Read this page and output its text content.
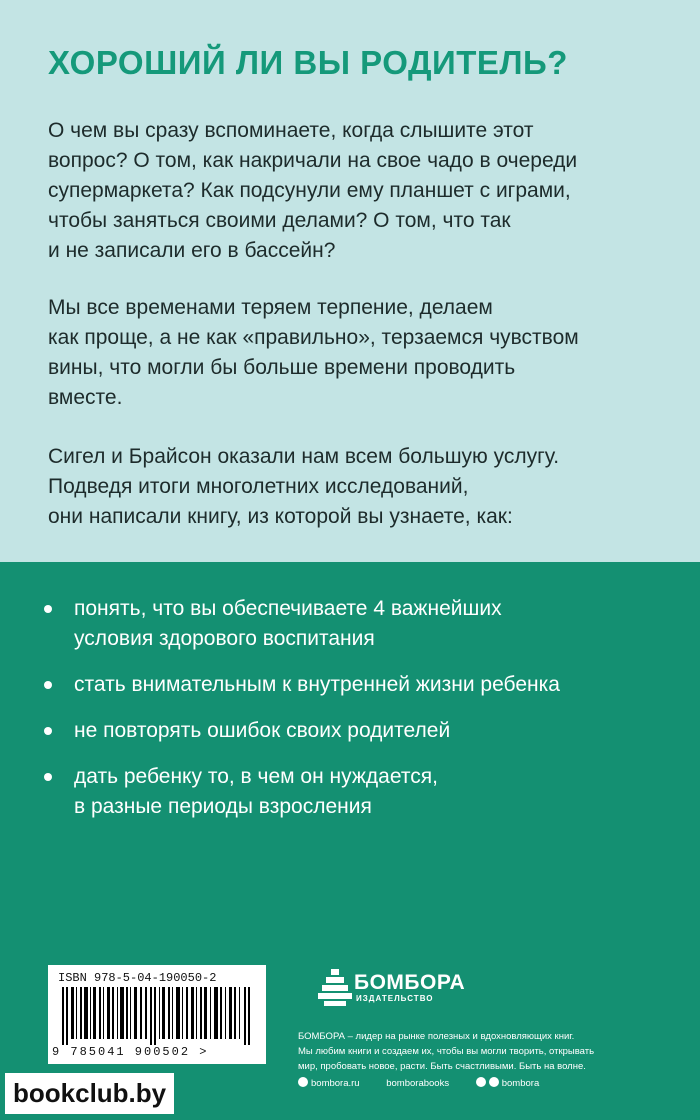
ХОРОШИЙ ЛИ ВЫ РОДИТЕЛЬ?
О чем вы сразу вспоминаете, когда слышите этот
вопрос? О том, как накричали на свое чадо в очереди
супермаркета? Как подсунули ему планшет с играми,
чтобы заняться своими делами? О том, что так
и не записали его в бассейн?
Мы все временами теряем терпение, делаем
как проще, а не как «правильно», терзаемся чувством
вины, что могли бы больше времени проводить
вместе.
Сигел и Брайсон оказали нам всем большую услугу.
Подведя итоги многолетних исследований,
они написали книгу, из которой вы узнаете, как:
понять, что вы обеспечиваете 4 важнейших
условия здорового воспитания
стать внимательным к внутренней жизни ребенка
не повторять ошибок своих родителей
дать ребенку то, в чем он нуждается,
в разные периоды взросления
ISBN 978-5-04-190050-2
9 785041 900502 >
БОМБОРА
ИЗДАТЕЛЬСТВО
БОМБОРА – лидер на рынке полезных и вдохновляющих книг.
Мы любим книги и создаем их, чтобы вы могли творить, открывать
мир, пробовать новое, расти. Быть счастливыми. Быть на волне.
bombora.ru	bomborabooks	bombora
bookclub.by
